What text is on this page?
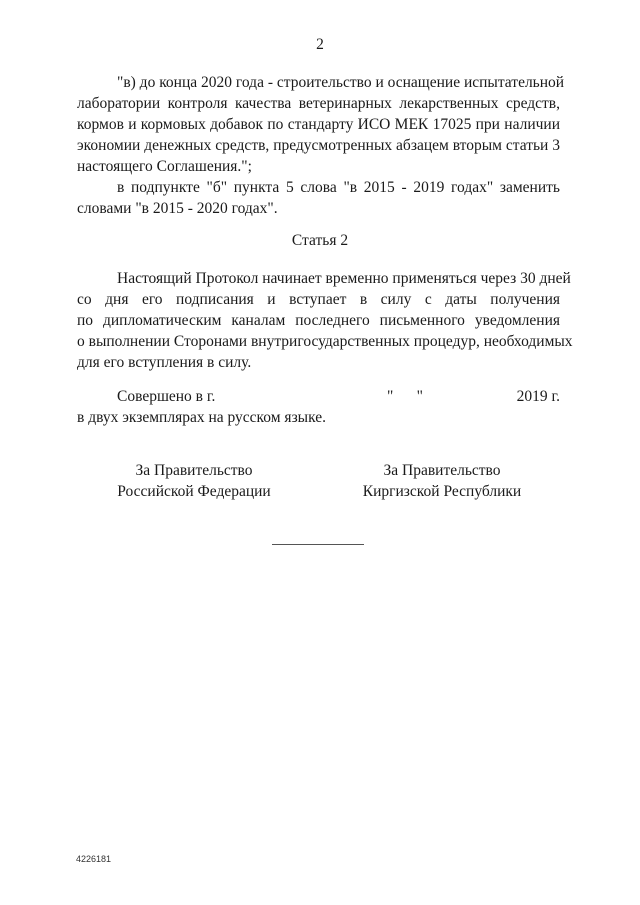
2
"в) до конца 2020 года - строительство и оснащение испытательной
лаборатории контроля качества ветеринарных лекарственных средств,
кормов и кормовых добавок по стандарту ИСО МЕК 17025 при наличии
экономии денежных средств, предусмотренных абзацем вторым статьи 3
настоящего Соглашения.";
в подпункте "б" пункта 5 слова "в 2015 - 2019 годах" заменить
словами "в 2015 - 2020 годах".
Статья 2
Настоящий Протокол начинает временно применяться через 30 дней
со дня его подписания и вступает в силу с даты получения
по дипломатическим каналам последнего письменного уведомления
о выполнении Сторонами внутригосударственных процедур, необходимых
для его вступления в силу.
Совершено в г.	"      "	2019 г.
в двух экземплярах на русском языке.
За Правительство
Российской Федерации
За Правительство
Киргизской Республики
4226181
